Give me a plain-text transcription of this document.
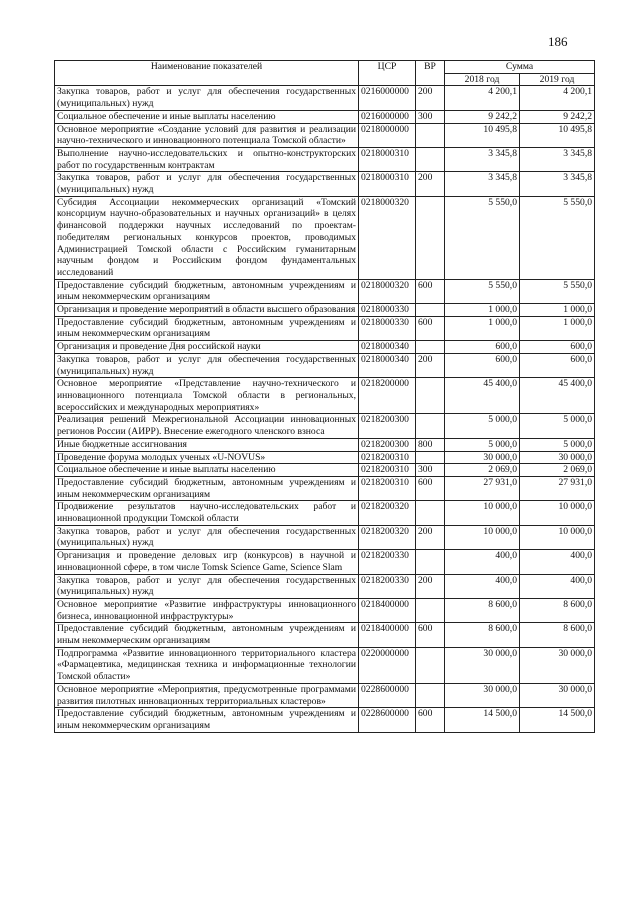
186
Наименование показателей	ЦСР	ВР	Сумма	
			2018 год	2019 год
Закупка товаров, работ и услуг для обеспечения государственных (муниципальных) нужд	0216000000	200	4 200,1	4 200,1
Социальное обеспечение и иные выплаты населению	0216000000	300	9 242,2	9 242,2
Основное мероприятие «Создание условий для развития и реализации научно-технического и инновационного потенциала Томской области»	0218000000		10 495,8	10 495,8
Выполнение научно-исследовательских и опытно-конструкторских работ по государственным контрактам	0218000310		3 345,8	3 345,8
Закупка товаров, работ и услуг для обеспечения государственных (муниципальных) нужд	0218000310	200	3 345,8	3 345,8
Субсидия Ассоциации некоммерческих организаций «Томский консорциум научно-образовательных и научных организаций» в целях финансовой поддержки научных исследований по проектам-победителям региональных конкурсов проектов, проводимых Администрацией Томской области с Российским гуманитарным научным фондом и Российским фондом фундаментальных исследований	0218000320		5 550,0	5 550,0
Предоставление субсидий бюджетным, автономным учреждениям и иным некоммерческим организациям	0218000320	600	5 550,0	5 550,0
Организация и проведение мероприятий в области высшего образования	0218000330		1 000,0	1 000,0
Предоставление субсидий бюджетным, автономным учреждениям и иным некоммерческим организациям	0218000330	600	1 000,0	1 000,0
Организация и проведение Дня российской науки	0218000340		600,0	600,0
Закупка товаров, работ и услуг для обеспечения государственных (муниципальных) нужд	0218000340	200	600,0	600,0
Основное мероприятие «Представление научно-технического и инновационного потенциала Томской области в региональных, всероссийских и международных мероприятиях»	0218200000		45 400,0	45 400,0
Реализация решений Межрегиональной Ассоциации инновационных регионов России (АИРР). Внесение ежегодного членского взноса	0218200300		5 000,0	5 000,0
Иные бюджетные ассигнования	0218200300	800	5 000,0	5 000,0
Проведение форума молодых ученых «U-NOVUS»	0218200310		30 000,0	30 000,0
Социальное обеспечение и иные выплаты населению	0218200310	300	2 069,0	2 069,0
Предоставление субсидий бюджетным, автономным учреждениям и иным некоммерческим организациям	0218200310	600	27 931,0	27 931,0
Продвижение результатов научно-исследовательских работ и инновационной продукции Томской области	0218200320		10 000,0	10 000,0
Закупка товаров, работ и услуг для обеспечения государственных (муниципальных) нужд	0218200320	200	10 000,0	10 000,0
Организация и проведение деловых игр (конкурсов) в научной и инновационной сфере, в том числе Tomsk Science Game, Science Slam	0218200330		400,0	400,0
Закупка товаров, работ и услуг для обеспечения государственных (муниципальных) нужд	0218200330	200	400,0	400,0
Основное мероприятие «Развитие инфраструктуры инновационного бизнеса, инновационной инфраструктуры»	0218400000		8 600,0	8 600,0
Предоставление субсидий бюджетным, автономным учреждениям и иным некоммерческим организациям	0218400000	600	8 600,0	8 600,0
Подпрограмма «Развитие инновационного территориального кластера «Фармацевтика, медицинская техника и информационные технологии Томской области»	0220000000		30 000,0	30 000,0
Основное мероприятие «Мероприятия, предусмотренные программами развития пилотных инновационных территориальных кластеров»	0228600000		30 000,0	30 000,0
Предоставление субсидий бюджетным, автономным учреждениям и иным некоммерческим организациям	0228600000	600	14 500,0	14 500,0
